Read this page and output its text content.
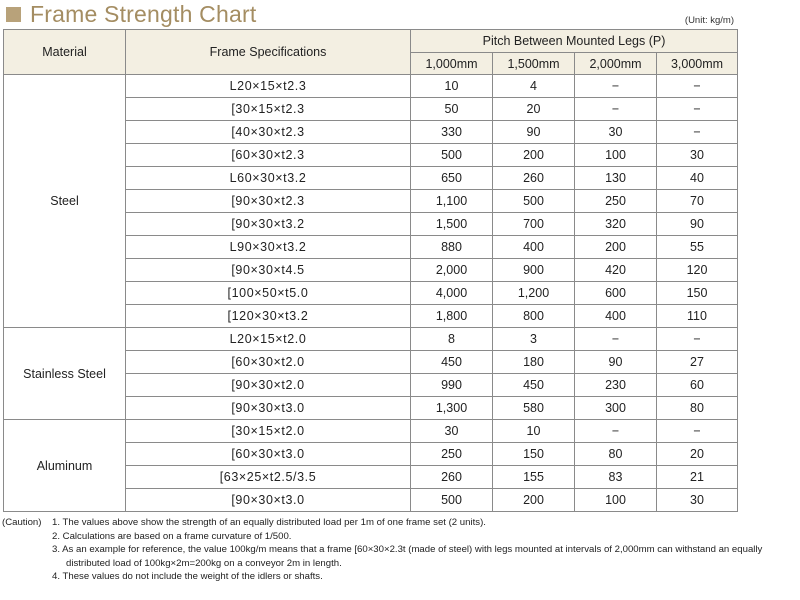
Frame Strength Chart	(Unit: kg/m)
Material	Frame Specifications	Pitch Between Mounted Legs (P)			
		1,000mm	1,500mm	2,000mm	3,000mm
Steel	L20×15×t2.3	10	4	−	−
	[30×15×t2.3	50	20	−	−
	[40×30×t2.3	330	90	30	−
	[60×30×t2.3	500	200	100	30
	L60×30×t3.2	650	260	130	40
	[90×30×t2.3	1,100	500	250	70
	[90×30×t3.2	1,500	700	320	90
	L90×30×t3.2	880	400	200	55
	[90×30×t4.5	2,000	900	420	120
	[100×50×t5.0	4,000	1,200	600	150
	[120×30×t3.2	1,800	800	400	110
Stainless Steel	L20×15×t2.0	8	3	−	−
	[60×30×t2.0	450	180	90	27
	[90×30×t2.0	990	450	230	60
	[90×30×t3.0	1,300	580	300	80
Aluminum	[30×15×t2.0	30	10	−	−
	[60×30×t3.0	250	150	80	20
	[63×25×t2.5/3.5	260	155	83	21
	[90×30×t3.0	500	200	100	30
(Caution)	1. The values above show the strength of an equally distributed load per 1m of one frame set (2 units).
2. Calculations are based on a frame curvature of 1/500.
3. As an example for reference, the value 100kg/m means that a frame [60×30×2.3t (made of steel) with legs mounted at intervals of 2,000mm can withstand an equally
distributed load of 100kg×2m=200kg on a conveyor 2m in length.
4. These values do not include the weight of the idlers or shafts.
